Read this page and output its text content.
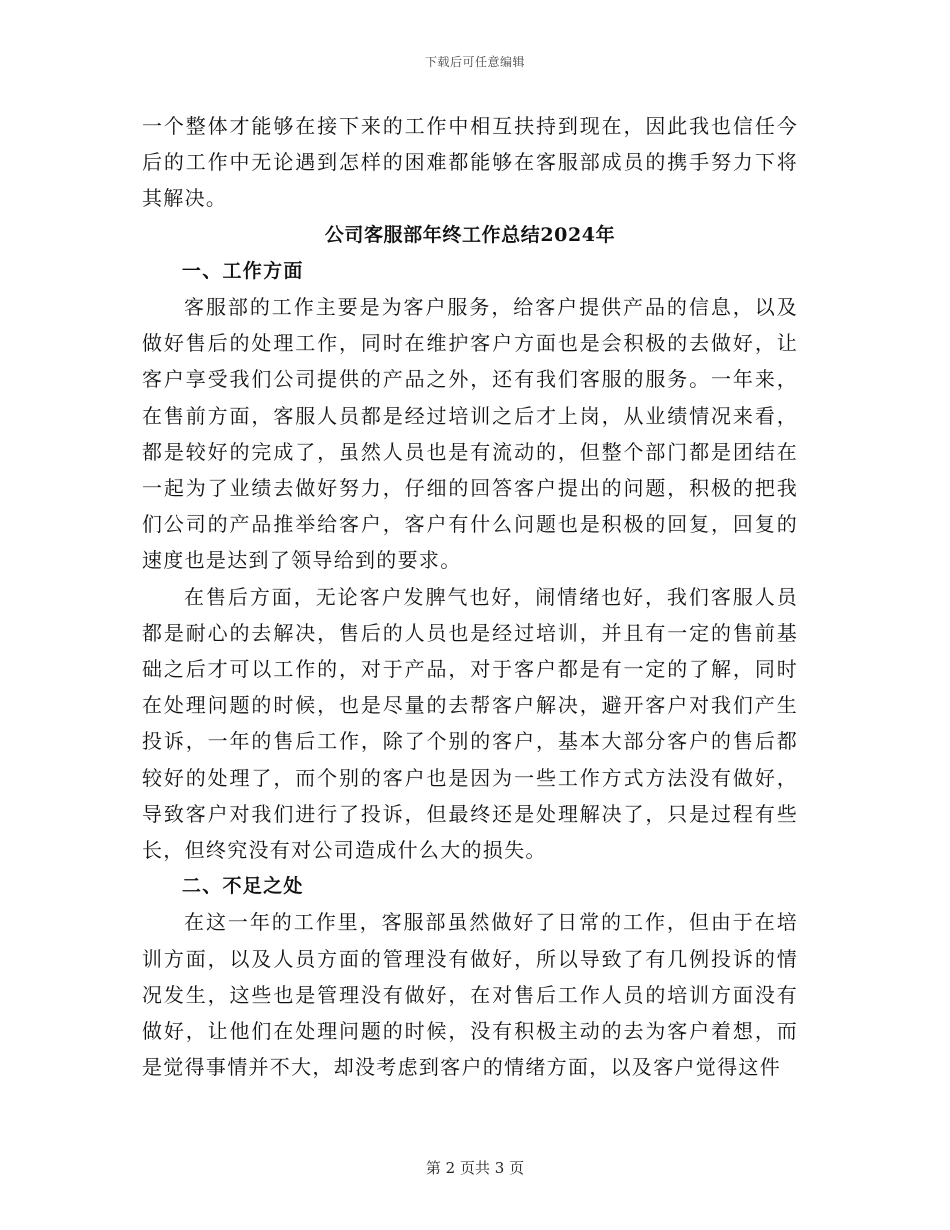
下载后可任意编辑

一个整体才能够在接下来的工作中相互扶持到现在，因此我也信任今后的工作中无论遇到怎样的困难都能够在客服部成员的携手努力下将其解决。

公司客服部年终工作总结2024年

一、工作方面

客服部的工作主要是为客户服务，给客户提供产品的信息，以及做好售后的处理工作，同时在维护客户方面也是会积极的去做好，让客户享受我们公司提供的产品之外，还有我们客服的服务。一年来，在售前方面，客服人员都是经过培训之后才上岗，从业绩情况来看，都是较好的完成了，虽然人员也是有流动的，但整个部门都是团结在一起为了业绩去做好努力，仔细的回答客户提出的问题，积极的把我们公司的产品推举给客户，客户有什么问题也是积极的回复，回复的速度也是达到了领导给到的要求。

在售后方面，无论客户发脾气也好，闹情绪也好，我们客服人员都是耐心的去解决，售后的人员也是经过培训，并且有一定的售前基础之后才可以工作的，对于产品，对于客户都是有一定的了解，同时在处理问题的时候，也是尽量的去帮客户解决，避开客户对我们产生投诉，一年的售后工作，除了个别的客户，基本大部分客户的售后都较好的处理了，而个别的客户也是因为一些工作方式方法没有做好，导致客户对我们进行了投诉，但最终还是处理解决了，只是过程有些长，但终究没有对公司造成什么大的损失。

二、不足之处

在这一年的工作里，客服部虽然做好了日常的工作，但由于在培训方面，以及人员方面的管理没有做好，所以导致了有几例投诉的情况发生，这些也是管理没有做好，在对售后工作人员的培训方面没有做好，让他们在处理问题的时候，没有积极主动的去为客户着想，而是觉得事情并不大，却没考虑到客户的情绪方面，以及客户觉得这件

第 2 页共 3 页
